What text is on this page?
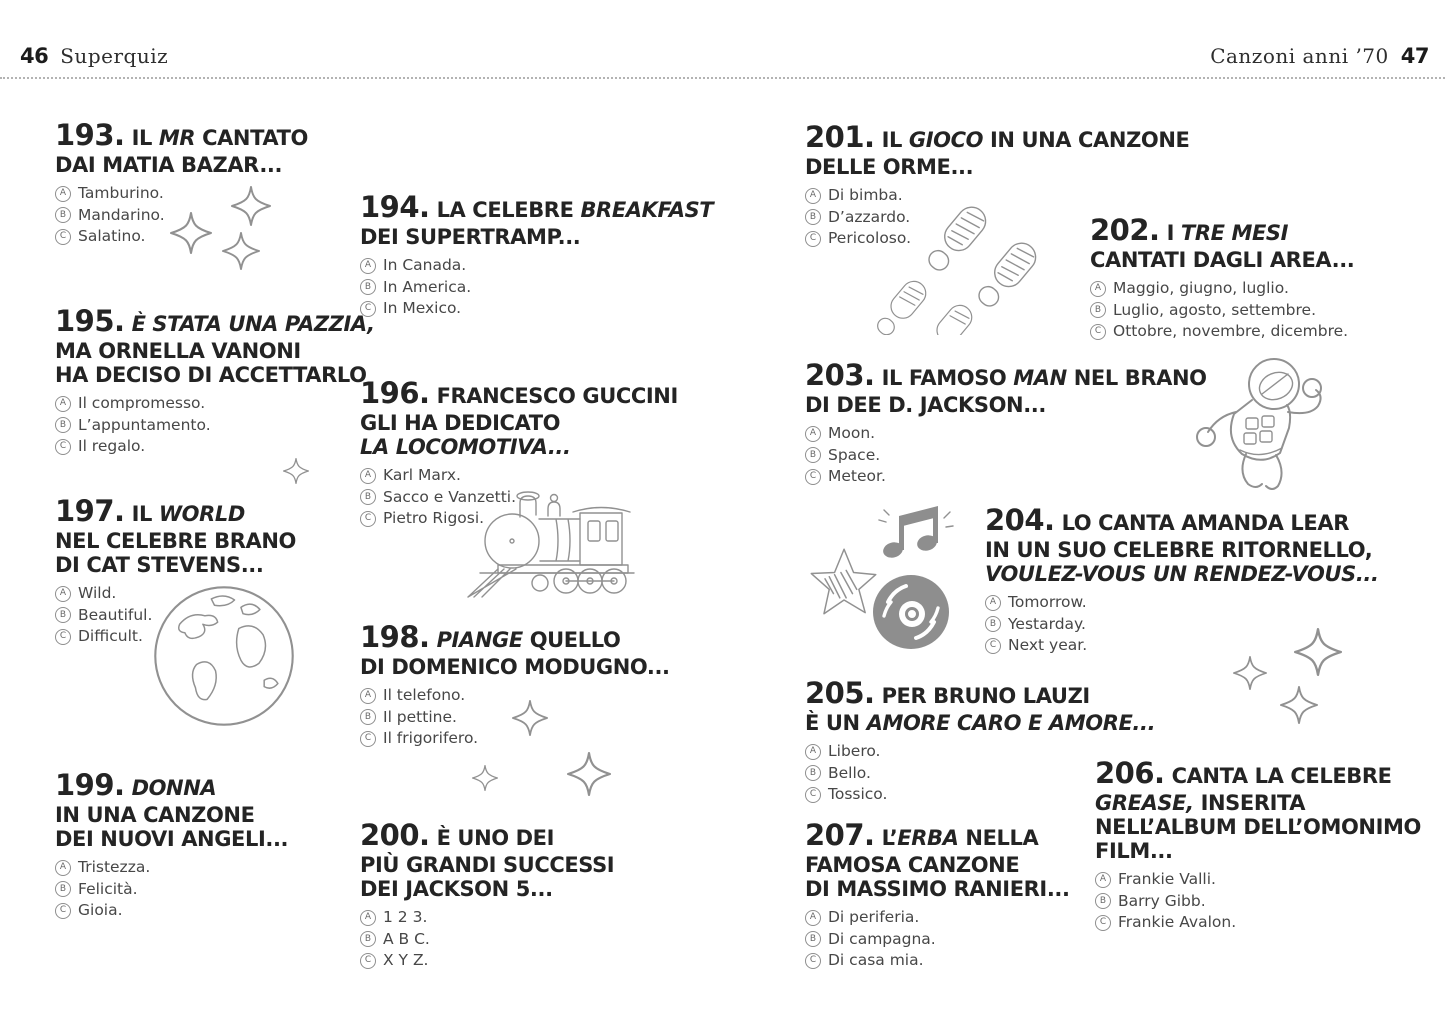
46 Superquiz	Canzoni anni ’70 47
193. IL MR CANTATO
DAI MATIA BAZAR...
A Tamburino.
B Mandarino.
C Salatino.
194. LA CELEBRE BREAKFAST
DEI SUPERTRAMP...
A In Canada.
B In America.
C In Mexico.
195. È STATA UNA PAZZIA,
MA ORNELLA VANONI
HA DECISO DI ACCETTARLO
A Il compromesso.
B L’appuntamento.
C Il regalo.
196. FRANCESCO GUCCINI
GLI HA DEDICATO
LA LOCOMOTIVA...
A Karl Marx.
B Sacco e Vanzetti.
C Pietro Rigosi.
197. IL WORLD
NEL CELEBRE BRANO
DI CAT STEVENS...
A Wild.
B Beautiful.
C Difficult.	198. PIANGE QUELLO
DI DOMENICO MODUGNO...
A Il telefono.
B Il pettine.
C Il frigorifero.
199. DONNA
IN UNA CANZONE
DEI NUOVI ANGELI...
A Tristezza.
B Felicità.
C Gioia.
200. È UNO DEI
PIÙ GRANDI SUCCESSI
DEI JACKSON 5...
A 1 2 3.
B A B C.
C X Y Z.
201. IL GIOCO IN UNA CANZONE
DELLE ORME...
A Di bimba.
B D’azzardo.
C Pericoloso.	202. I TRE MESI
CANTATI DAGLI AREA...
A Maggio, giugno, luglio.
B Luglio, agosto, settembre.
C Ottobre, novembre, dicembre.
203. IL FAMOSO MAN NEL BRANO
DI DEE D. JACKSON...
A Moon.
B Space.
C Meteor.
204. LO CANTA AMANDA LEAR
IN UN SUO CELEBRE RITORNELLO,
VOULEZ-VOUS UN RENDEZ-VOUS...
A Tomorrow.
B Yestarday.
C Next year.
205. PER BRUNO LAUZI
È UN AMORE CARO E AMORE...
A Libero.
B Bello.
C Tossico.
206. CANTA LA CELEBRE
GREASE, INSERITA
NELL’ALBUM DELL’OMONIMO
FILM...
A Frankie Valli.
B Barry Gibb.
C Frankie Avalon.
207. L’ERBA NELLA
FAMOSA CANZONE
DI MASSIMO RANIERI...
A Di periferia.
B Di campagna.
C Di casa mia.
